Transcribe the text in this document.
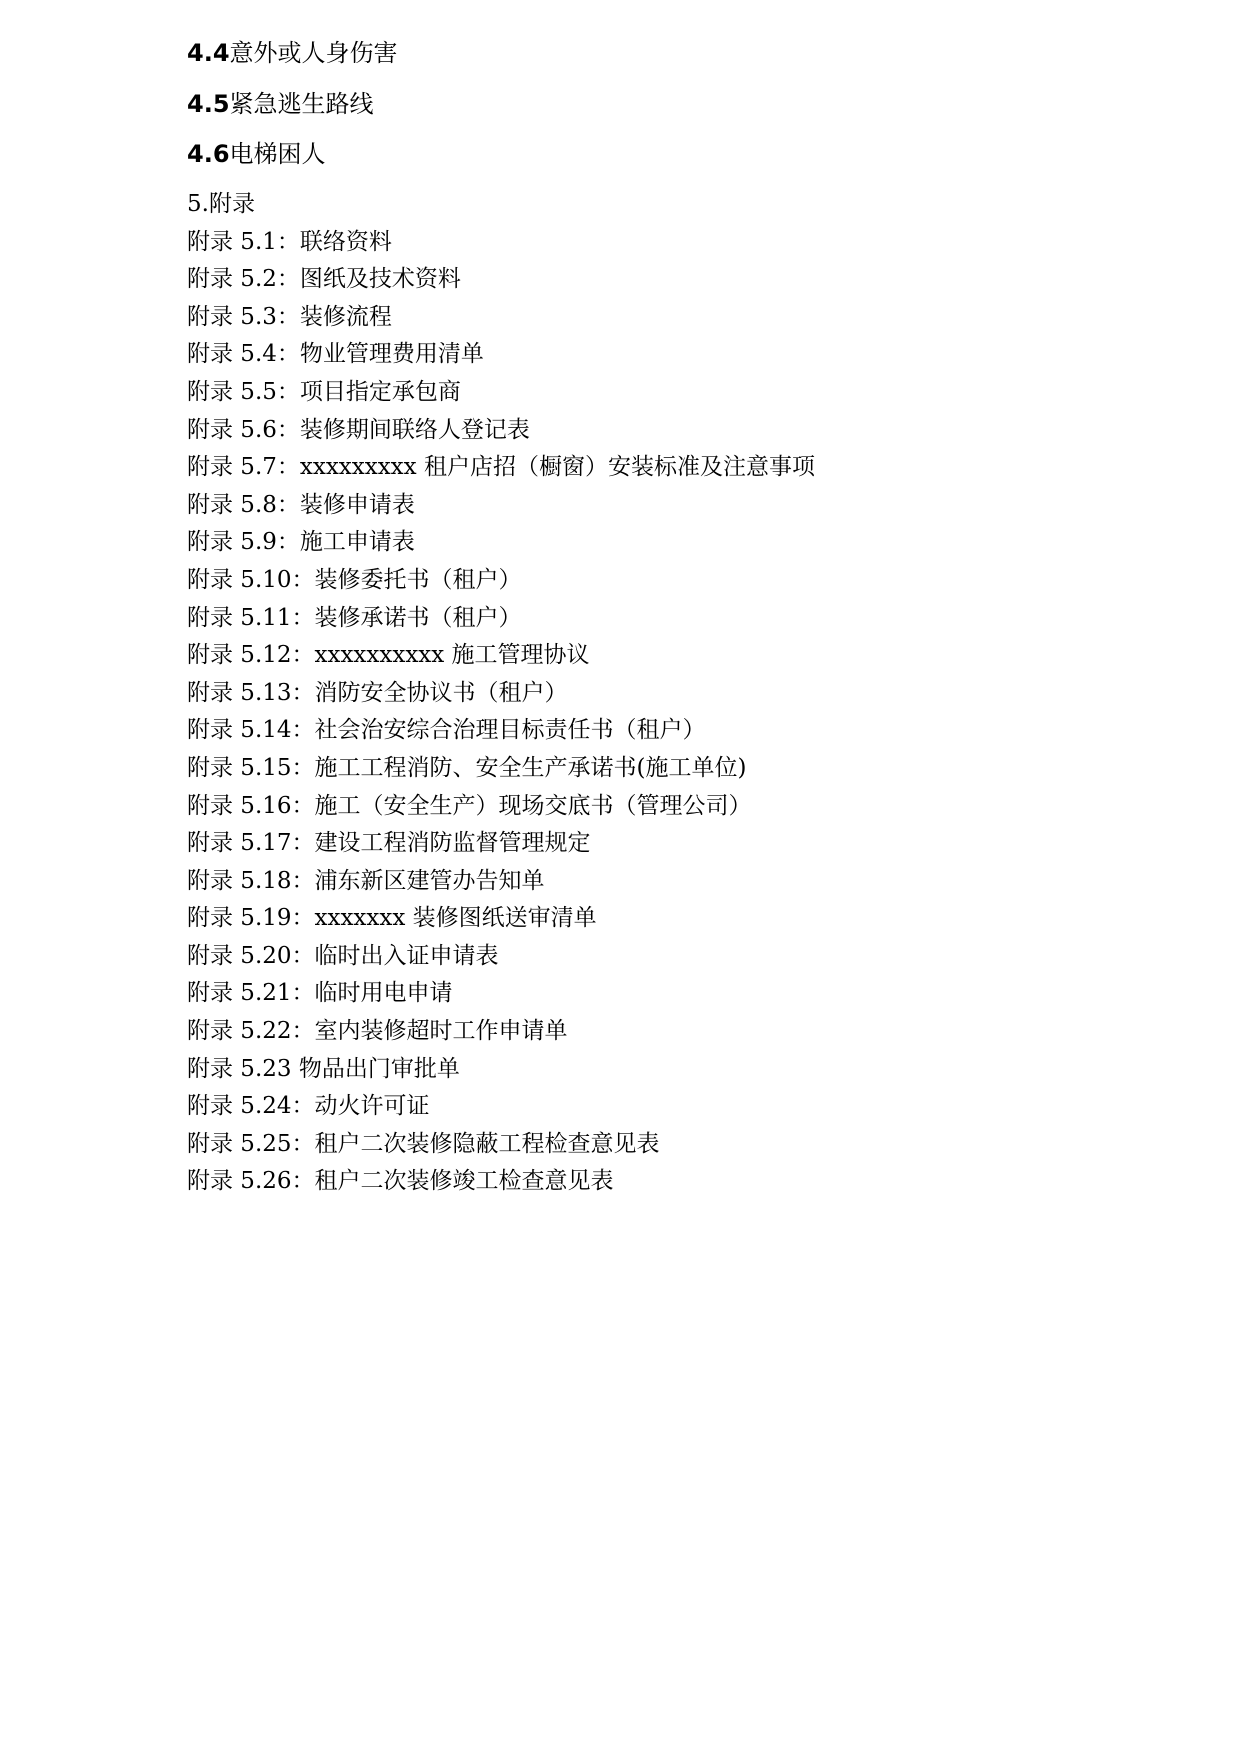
4.4意外或人身伤害

4.5紧急逃生路线

4.6电梯困人

5.附录
附录 5.1：联络资料
附录 5.2：图纸及技术资料
附录 5.3：装修流程
附录 5.4：物业管理费用清单
附录 5.5：项目指定承包商
附录 5.6：装修期间联络人登记表
附录 5.7：xxxxxxxxx 租户店招（橱窗）安装标准及注意事项
附录 5.8：装修申请表
附录 5.9：施工申请表
附录 5.10：装修委托书（租户）
附录 5.11：装修承诺书（租户）
附录 5.12：xxxxxxxxxx 施工管理协议
附录 5.13：消防安全协议书（租户）
附录 5.14：社会治安综合治理目标责任书（租户）
附录 5.15：施工工程消防、安全生产承诺书(施工单位)
附录 5.16：施工（安全生产）现场交底书（管理公司）
附录 5.17：建设工程消防监督管理规定
附录 5.18：浦东新区建管办告知单
附录 5.19：xxxxxxx 装修图纸送审清单
附录 5.20：临时出入证申请表
附录 5.21：临时用电申请
附录 5.22：室内装修超时工作申请单
附录 5.23 物品出门审批单
附录 5.24：动火许可证
附录 5.25：租户二次装修隐蔽工程检查意见表
附录 5.26：租户二次装修竣工检查意见表
